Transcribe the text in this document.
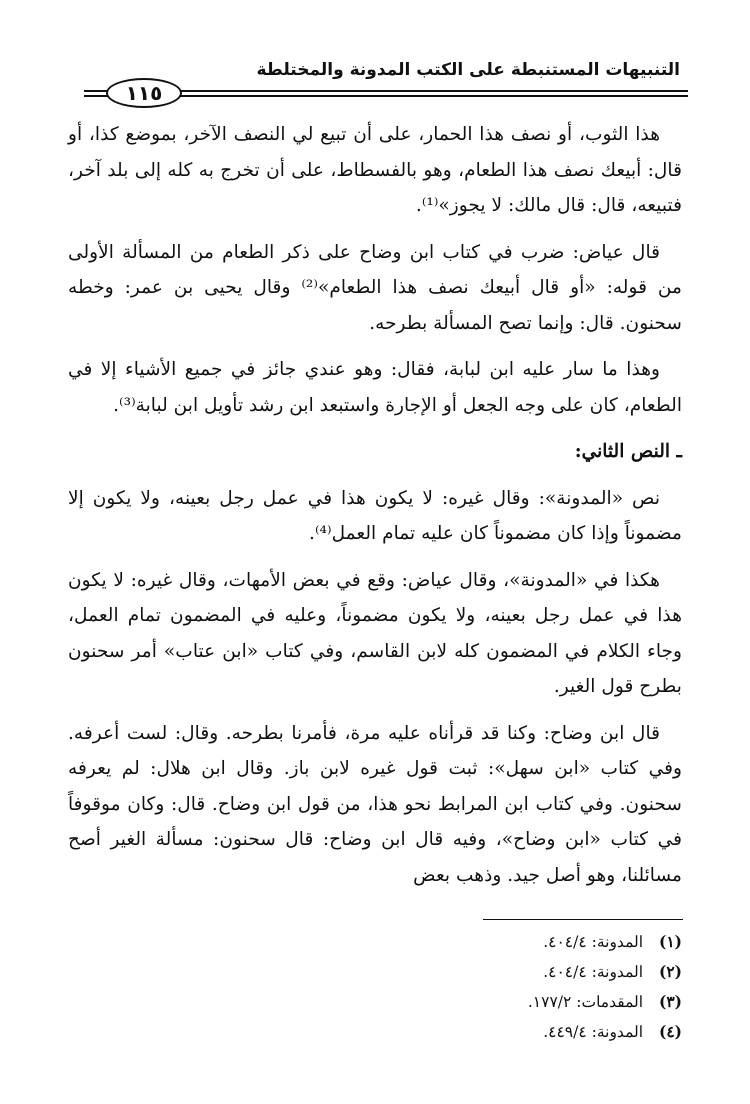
التنبيهات المستنبطة على الكتب المدونة والمختلطة
١١٥

هذا الثوب، أو نصف هذا الحمار، على أن تبيع لي النصف الآخر، بموضع كذا، أو قال: أبيعك نصف هذا الطعام، وهو بالفسطاط، على أن تخرج به كله إلى بلد آخر، فتبيعه، قال: قال مالك: لا يجوز»⁽¹⁾.

قال عياض: ضرب في كتاب ابن وضاح على ذكر الطعام من المسألة الأولى من قوله: «أو قال أبيعك نصف هذا الطعام»⁽²⁾ وقال يحيى بن عمر: وخطه سحنون. قال: وإنما تصح المسألة بطرحه.

وهذا ما سار عليه ابن لبابة، فقال: وهو عندي جائز في جميع الأشياء إلا في الطعام، كان على وجه الجعل أو الإجارة واستبعد ابن رشد تأويل ابن لبابة⁽³⁾.

ـ النص الثاني:

نص «المدونة»: وقال غيره: لا يكون هذا في عمل رجل بعينه، ولا يكون إلا مضموناً وإذا كان مضموناً كان عليه تمام العمل⁽⁴⁾.

هكذا في «المدونة»، وقال عياض: وقع في بعض الأمهات، وقال غيره: لا يكون هذا في عمل رجل بعينه، ولا يكون مضموناً، وعليه في المضمون تمام العمل، وجاء الكلام في المضمون كله لابن القاسم، وفي كتاب «ابن عتاب» أمر سحنون بطرح قول الغير.

قال ابن وضاح: وكنا قد قرأناه عليه مرة، فأمرنا بطرحه. وقال: لست أعرفه. وفي كتاب «ابن سهل»: ثبت قول غيره لابن باز. وقال ابن هلال: لم يعرفه سحنون. وفي كتاب ابن المرابط نحو هذا، من قول ابن وضاح. قال: وكان موقوفاً في كتاب «ابن وضاح»، وفيه قال ابن وضاح: قال سحنون: مسألة الغير أصح مسائلنا، وهو أصل جيد. وذهب بعض

(١) المدونة: ٤٠٤/٤.
(٢) المدونة: ٤٠٤/٤.
(٣) المقدمات: ١٧٧/٢.
(٤) المدونة: ٤٤٩/٤.
